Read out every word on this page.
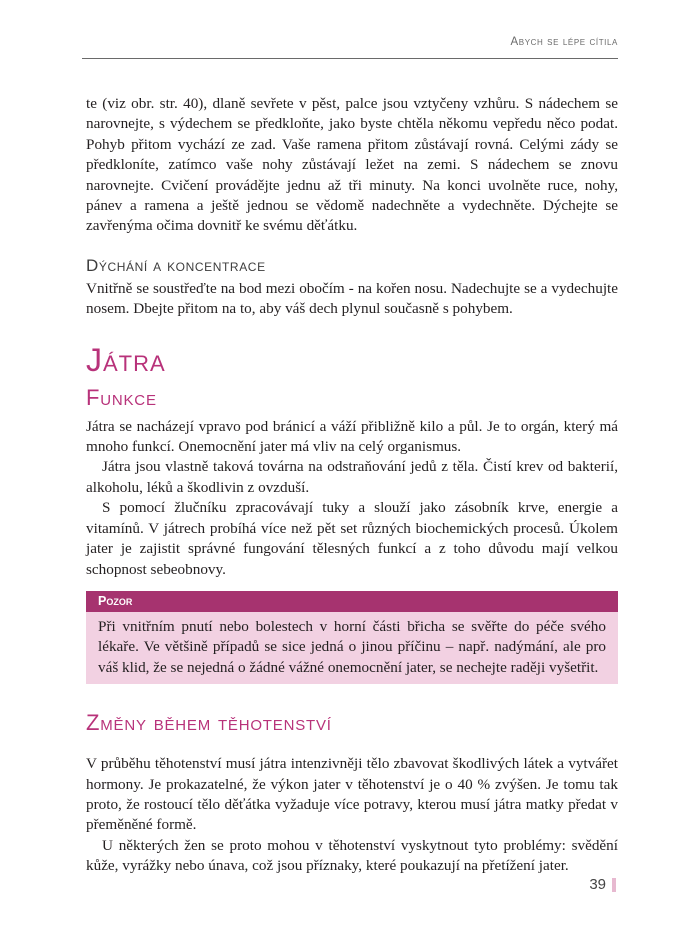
Abych se lépe cítila

te (viz obr. str. 40), dlaně sevřete v pěst, palce jsou vztyčeny vzhůru. S nádechem se narovnejte, s výdechem se předkloňte, jako byste chtěla někomu vepředu něco podat. Pohyb přitom vychází ze zad. Vaše ramena přitom zůstávají rovná. Celými zády se předkloníte, zatímco vaše nohy zůstávají ležet na zemi. S nádechem se znovu narovnejte. Cvičení provádějte jednu až tři minuty. Na konci uvolněte ruce, nohy, pánev a ramena a ještě jednou se vědomě nadechněte a vydechněte. Dýchejte se zavřenýma očima dovnitř ke svému děťátku.

Dýchání a koncentrace

Vnitřně se soustřeďte na bod mezi obočím - na kořen nosu. Nadechujte se a vydechujte nosem. Dbejte přitom na to, aby váš dech plynul současně s pohybem.

Játra
Funkce

Játra se nacházejí vpravo pod bránicí a váží přibližně kilo a půl. Je to orgán, který má mnoho funkcí. Onemocnění jater má vliv na celý organismus.

Játra jsou vlastně taková továrna na odstraňování jedů z těla. Čistí krev od bakterií, alkoholu, léků a škodlivin z ovzduší.

S pomocí žlučníku zpracovávají tuky a slouží jako zásobník krve, energie a vitamínů. V játrech probíhá více než pět set různých biochemických procesů. Úkolem jater je zajistit správné fungování tělesných funkcí a z toho důvodu mají velkou schopnost sebeobnovy.

Pozor
Při vnitřním pnutí nebo bolestech v horní části břicha se svěřte do péče svého lékaře. Ve většině případů se sice jedná o jinou příčinu – např. nadýmání, ale pro váš klid, že se nejedná o žádné vážné onemocnění jater, se nechejte raději vyšetřit.
Změny během těhotenství

V průběhu těhotenství musí játra intenzivněji tělo zbavovat škodlivých látek a vytvářet hormony. Je prokazatelné, že výkon jater v těhotenství je o 40 % zvýšen. Je tomu tak proto, že rostoucí tělo děťátka vyžaduje více potravy, kterou musí játra matky předat v přeměněné formě.

U některých žen se proto mohou v těhotenství vyskytnout tyto problémy: svědění kůže, vyrážky nebo únava, což jsou příznaky, které poukazují na přetížení jater.

39
